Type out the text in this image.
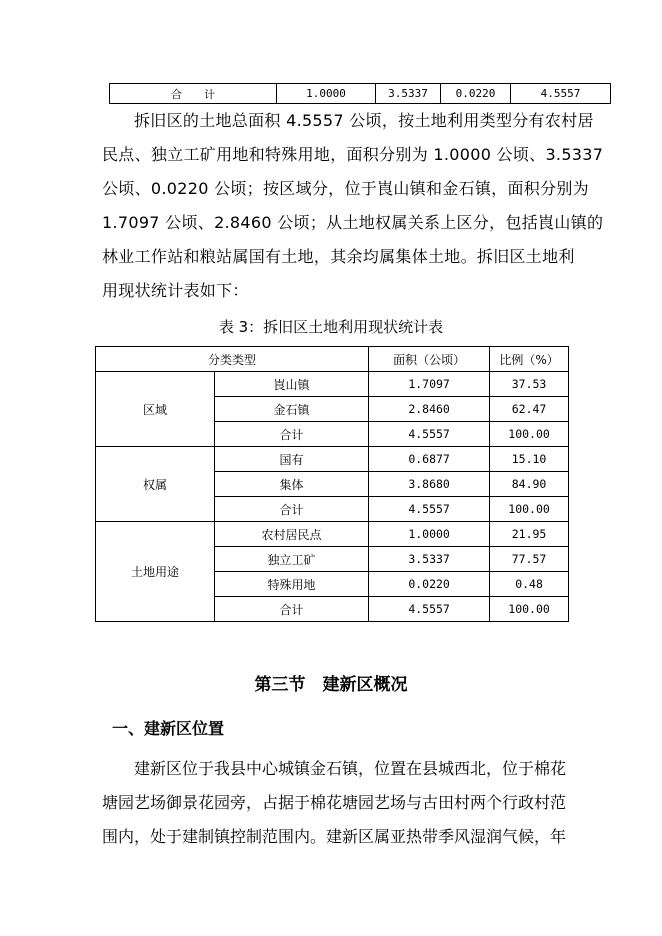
合　　计	1.0000	3.5337	0.0220	4.5557
拆旧区的土地总面积 4.5557 公顷，按土地利用类型分有农村居
民点、独立工矿用地和特殊用地，面积分别为 1.0000 公顷、3.5337
公顷、0.0220 公顷；按区域分，位于崀山镇和金石镇，面积分别为
1.7097 公顷、2.8460 公顷；从土地权属关系上区分，包括崀山镇的
林业工作站和粮站属国有土地，其余均属集体土地。拆旧区土地利
用现状统计表如下：
表 3：拆旧区土地利用现状统计表
分类类型		面积（公顷）	比例（%）
区域	崀山镇	1.7097	37.53
	金石镇	2.8460	62.47
	合计	4.5557	100.00
权属	国有	0.6877	15.10
	集体	3.8680	84.90
	合计	4.5557	100.00
土地用途	农村居民点	1.0000	21.95
	独立工矿	3.5337	77.57
	特殊用地	0.0220	0.48
	合计	4.5557	100.00
第三节　建新区概况
一、建新区位置
建新区位于我县中心城镇金石镇，位置在县城西北，位于棉花
塘园艺场御景花园旁，占据于棉花塘园艺场与古田村两个行政村范
围内，处于建制镇控制范围内。建新区属亚热带季风湿润气候，年
